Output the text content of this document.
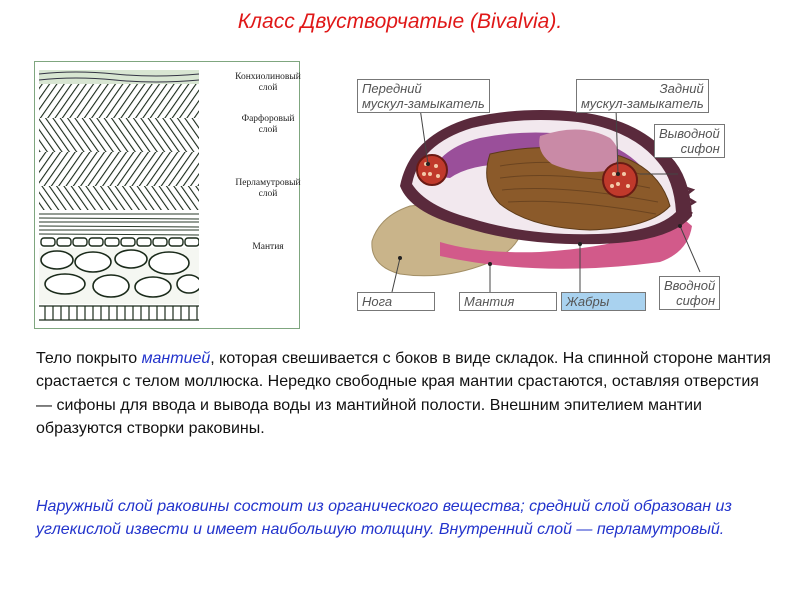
Класс Двустворчатые (Bivalvia).
Конхиолиновый слой
Фарфоровый слой
Перламутровый слой
Мантия
Передний
мускул-замыкатель
Задний
мускул-замыкатель
Выводной
сифон
Вводной
сифон
Нога	Мантия	Жабры
Тело покрыто мантией, которая свешивается с боков в виде складок. На спинной стороне мантия срастается с телом моллюска. Нередко свободные края мантии срастаются, оставляя отверстия — сифоны для ввода и вывода воды из мантийной полости. Внешним эпителием мантии образуются створки раковины.
Наружный слой раковины состоит из органического вещества; средний слой образован из углекислой извести и имеет наибольшую толщину. Внутренний слой — перламутровый.
